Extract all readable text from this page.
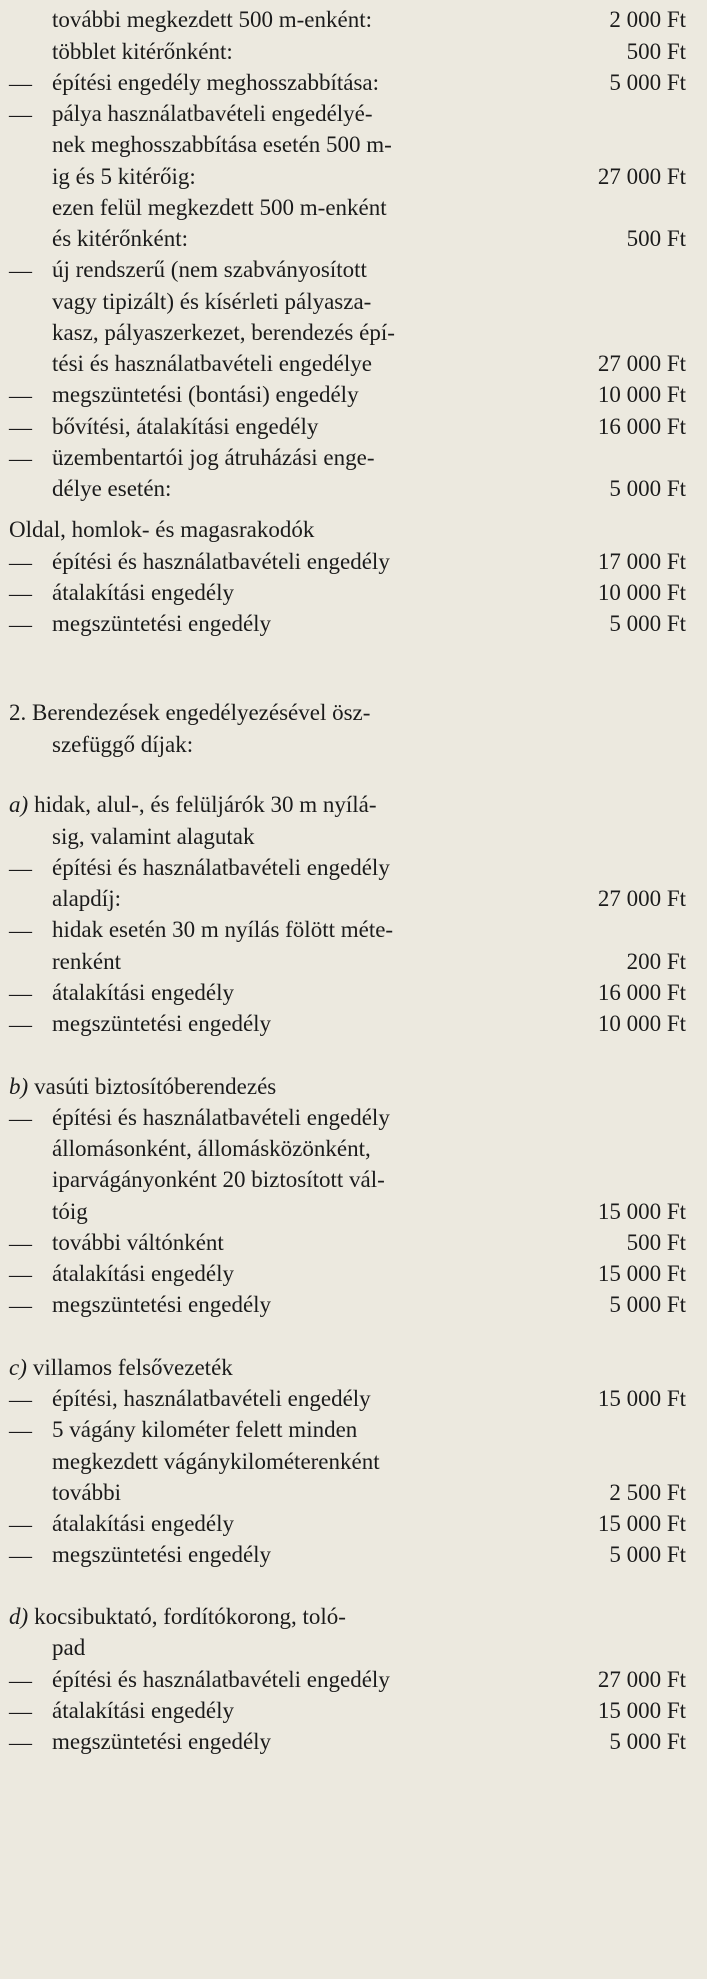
további megkezdett 500 m-enként:	2 000 Ft
többlet kitérőnként:	500 Ft
— építési engedély meghosszabbítása:	5 000 Ft
— pálya használatbavételi engedélyé-
nek meghosszabbítása esetén 500 m-
ig és 5 kitérőig:	27 000 Ft
ezen felül megkezdett 500 m-enként
és kitérőnként:	500 Ft
— új rendszerű (nem szabványosított
vagy tipizált) és kísérleti pályasza-
kasz, pályaszerkezet, berendezés épí-
tési és használatbavételi engedélye	27 000 Ft
— megszüntetési (bontási) engedély	10 000 Ft
— bővítési, átalakítási engedély	16 000 Ft
— üzembentartói jog átruházási enge-
délye esetén:	5 000 Ft
Oldal, homlok- és magasrakodók
— építési és használatbavételi engedély	17 000 Ft
— átalakítási engedély	10 000 Ft
— megszüntetési engedély	5 000 Ft
2. Berendezések engedélyezésével ösz-
szefüggő díjak:
a) hidak, alul-, és felüljárók 30 m nyílá-
sig, valamint alagutak
— építési és használatbavételi engedély
alapdíj:	27 000 Ft
— hidak esetén 30 m nyílás fölött méte-
renként	200 Ft
— átalakítási engedély	16 000 Ft
— megszüntetési engedély	10 000 Ft
b) vasúti biztosítóberendezés
— építési és használatbavételi engedély
állomásonként, állomásközönként,
iparvágányonként 20 biztosított vál-
tóig	15 000 Ft
— további váltónként	500 Ft
— átalakítási engedély	15 000 Ft
— megszüntetési engedély	5 000 Ft
c) villamos felsővezeték
— építési, használatbavételi engedély	15 000 Ft
— 5 vágány kilométer felett minden
megkezdett vágánykilométerenként
további	2 500 Ft
— átalakítási engedély	15 000 Ft
— megszüntetési engedély	5 000 Ft
d) kocsibuktató, fordítókorong, toló-
pad
— építési és használatbavételi engedély	27 000 Ft
— átalakítási engedély	15 000 Ft
— megszüntetési engedély	5 000 Ft
